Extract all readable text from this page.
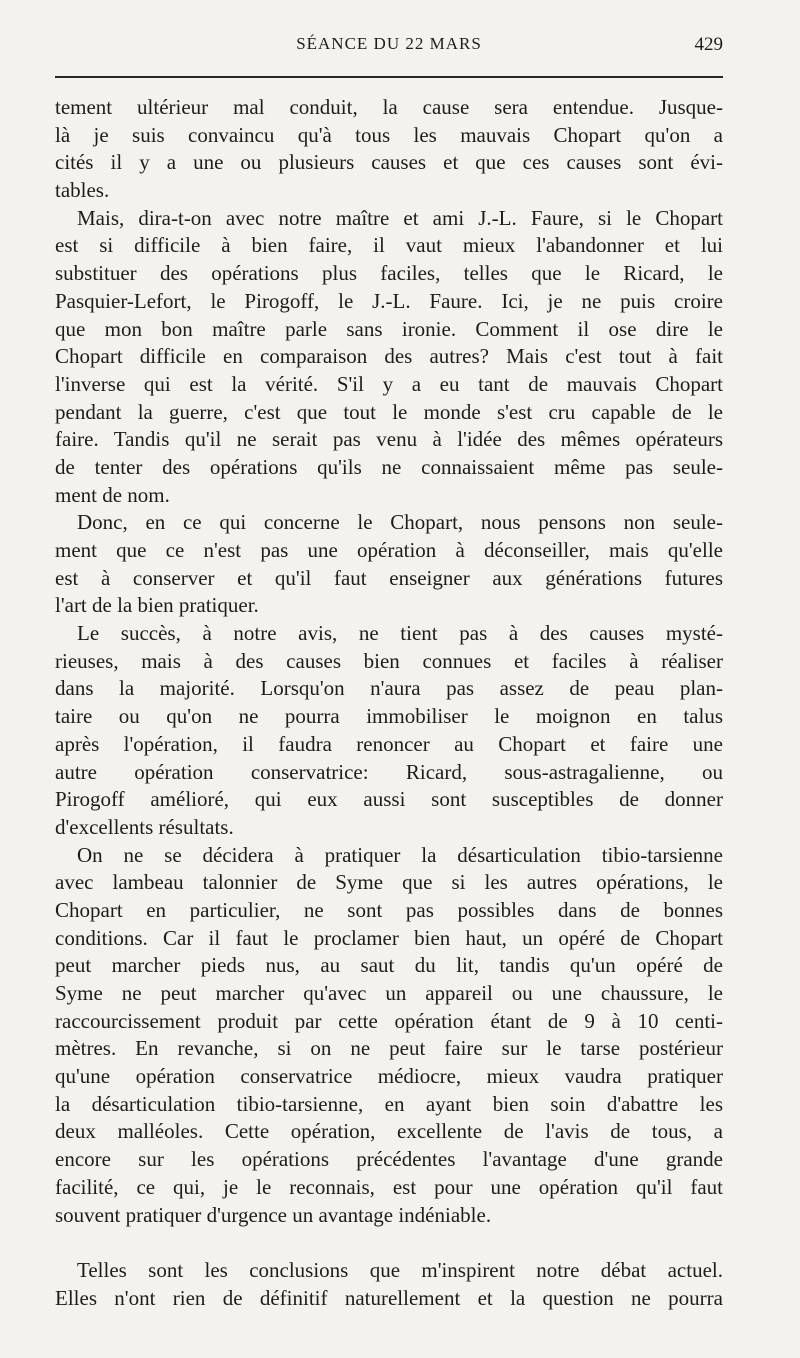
SÉANCE DU 22 MARS	429
tement ultérieur mal conduit, la cause sera entendue. Jusque-
là je suis convaincu qu'à tous les mauvais Chopart qu'on a
cités il y a une ou plusieurs causes et que ces causes sont évi-
tables.
Mais, dira-t-on avec notre maître et ami J.-L. Faure, si le Chopart
est si difficile à bien faire, il vaut mieux l'abandonner et lui
substituer des opérations plus faciles, telles que le Ricard, le
Pasquier-Lefort, le Pirogoff, le J.-L. Faure. Ici, je ne puis croire
que mon bon maître parle sans ironie. Comment il ose dire le
Chopart difficile en comparaison des autres? Mais c'est tout à fait
l'inverse qui est la vérité. S'il y a eu tant de mauvais Chopart
pendant la guerre, c'est que tout le monde s'est cru capable de le
faire. Tandis qu'il ne serait pas venu à l'idée des mêmes opérateurs
de tenter des opérations qu'ils ne connaissaient même pas seule-
ment de nom.
Donc, en ce qui concerne le Chopart, nous pensons non seule-
ment que ce n'est pas une opération à déconseiller, mais qu'elle
est à conserver et qu'il faut enseigner aux générations futures
l'art de la bien pratiquer.
Le succès, à notre avis, ne tient pas à des causes mysté-
rieuses, mais à des causes bien connues et faciles à réaliser
dans la majorité. Lorsqu'on n'aura pas assez de peau plan-
taire ou qu'on ne pourra immobiliser le moignon en talus
après l'opération, il faudra renoncer au Chopart et faire une
autre opération conservatrice: Ricard, sous-astragalienne, ou
Pirogoff amélioré, qui eux aussi sont susceptibles de donner
d'excellents résultats.
On ne se décidera à pratiquer la désarticulation tibio-tarsienne
avec lambeau talonnier de Syme que si les autres opérations, le
Chopart en particulier, ne sont pas possibles dans de bonnes
conditions. Car il faut le proclamer bien haut, un opéré de Chopart
peut marcher pieds nus, au saut du lit, tandis qu'un opéré de
Syme ne peut marcher qu'avec un appareil ou une chaussure, le
raccourcissement produit par cette opération étant de 9 à 10 centi-
mètres. En revanche, si on ne peut faire sur le tarse postérieur
qu'une opération conservatrice médiocre, mieux vaudra pratiquer
la désarticulation tibio-tarsienne, en ayant bien soin d'abattre les
deux malléoles. Cette opération, excellente de l'avis de tous, a
encore sur les opérations précédentes l'avantage d'une grande
facilité, ce qui, je le reconnais, est pour une opération qu'il faut
souvent pratiquer d'urgence un avantage indéniable.
Telles sont les conclusions que m'inspirent notre débat actuel.
Elles n'ont rien de définitif naturellement et la question ne pourra
